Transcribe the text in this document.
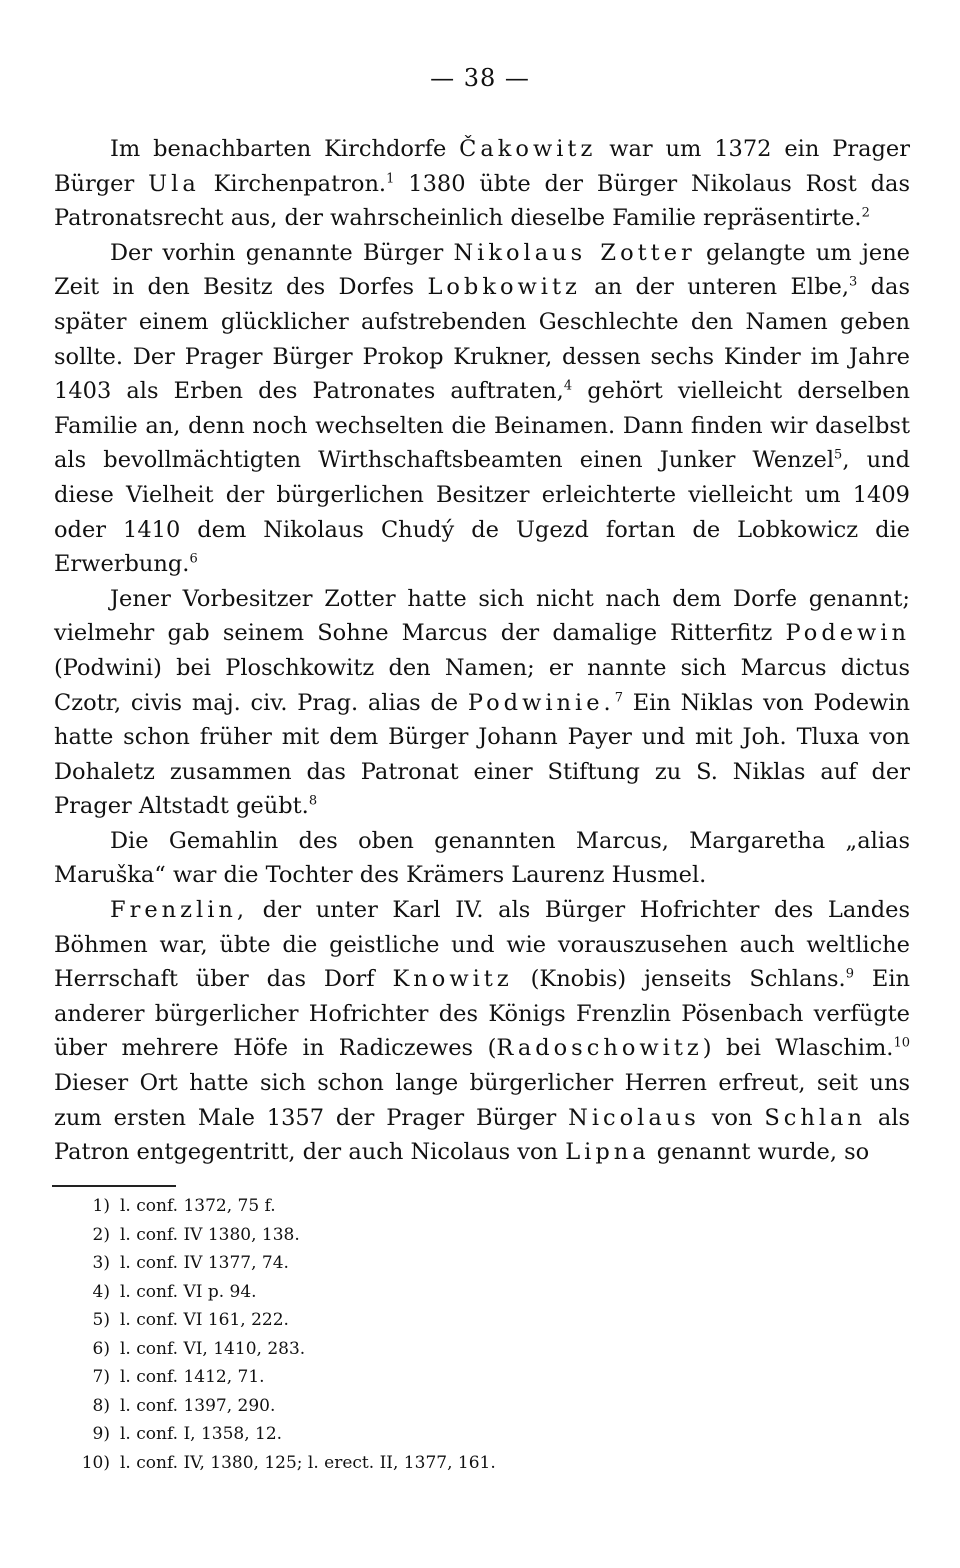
— 38 —

Im benachbarten Kirchdorfe Čakowitz war um 1372 ein Prager Bürger Ula Kirchenpatron.$^1$ 1380 übte der Bürger Nikolaus Rost das Patronatsrecht aus, der wahrscheinlich dieselbe Familie repräsentirte.$^2$

Der vorhin genannte Bürger Nikolaus Zotter gelangte um jene Zeit in den Besitz des Dorfes Lobkowitz an der unteren Elbe,$^3$ das später einem glücklicher aufstrebenden Geschlechte den Namen geben sollte. Der Prager Bürger Prokop Krukner, dessen sechs Kinder im Jahre 1403 als Erben des Patronates auftraten,$^4$ gehört vielleicht derselben Familie an, denn noch wechselten die Beinamen. Dann finden wir daselbst als bevollmächtigten Wirthschaftsbeamten einen Junker Wenzel$^5$, und diese Vielheit der bürgerlichen Besitzer erleichterte vielleicht um 1409 oder 1410 dem Nikolaus Chudý de Ugezd fortan de Lobkowicz die Erwerbung.$^6$

Jener Vorbesitzer Zotter hatte sich nicht nach dem Dorfe genannt; vielmehr gab seinem Sohne Marcus der damalige Ritterfitz Podewin (Podwini) bei Ploschkowitz den Namen; er nannte sich Marcus dictus Czotr, civis maj. civ. Prag. alias de Podwinie.$^7$ Ein Niklas von Podewin hatte schon früher mit dem Bürger Johann Payer und mit Joh. Tluxa von Dohaletz zusammen das Patronat einer Stiftung zu S. Niklas auf der Prager Altstadt geübt.$^8$

Die Gemahlin des oben genannten Marcus, Margaretha „alias Maruška“ war die Tochter des Krämers Laurenz Husmel.

Frenzlin, der unter Karl IV. als Bürger Hofrichter des Landes Böhmen war, übte die geistliche und wie vorauszusehen auch weltliche Herrschaft über das Dorf Knowitz (Knobis) jenseits Schlans.$^9$ Ein anderer bürgerlicher Hofrichter des Königs Frenzlin Pösenbach verfügte über mehrere Höfe in Radiczewes (Radoschowitz) bei Wlaschim.$^{10}$ Dieser Ort hatte sich schon lange bürgerlicher Herren erfreut, seit uns zum ersten Male 1357 der Prager Bürger Nicolaus von Schlan als Patron entgegentritt, der auch Nicolaus von Lipna genannt wurde, so

1) l. conf. 1372, 75 f.
2) l. conf. IV 1380, 138.
3) l. conf. IV 1377, 74.
4) l. conf. VI p. 94.
5) l. conf. VI 161, 222.
6) l. conf. VI, 1410, 283.
7) l. conf. 1412, 71.
8) l. conf. 1397, 290.
9) l. conf. I, 1358, 12.
10) l. conf. IV, 1380, 125; l. erect. II, 1377, 161.
